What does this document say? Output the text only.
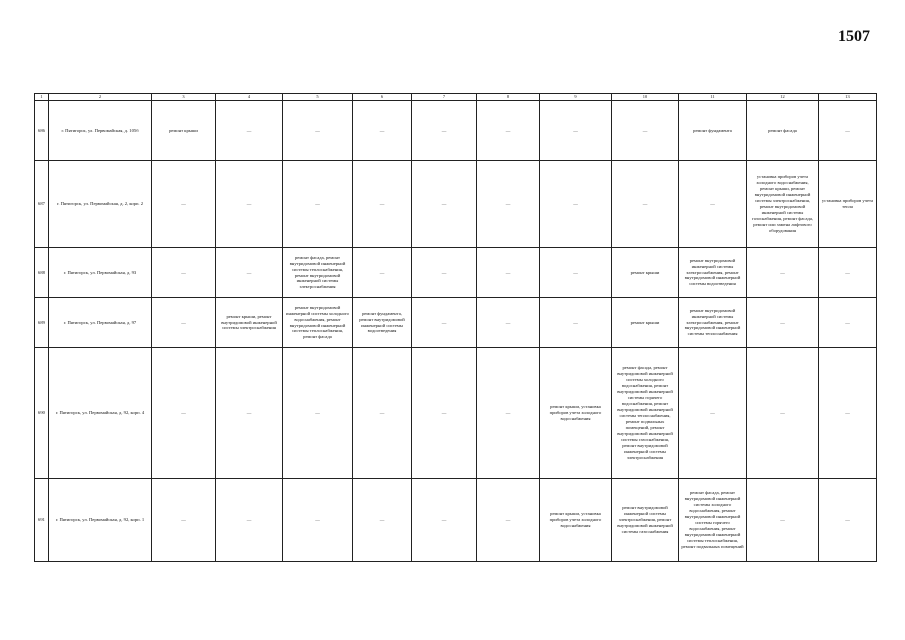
1507
1	2	3	4	5	6	7	8	9	10	11	12	13	
686	г. Пятигорск, ул. Первомайская, д. 105б	ремонт крыши	—	—	—	—	—	—	—	ремонт фундамента	ремонт фасада	—	
687	г. Пятигорск, ул. Первомайская, д. 2, корп. 2	—	—	—	—	—	—	—	—	—	установка приборов учета холодного водоснабжения, ремонт крыши, ремонт внутридомовой инженерной системы электроснабжения, ремонт внутридомовой инженерной системы газоснабжения, ремонт фасада, ремонт или замена лифтового оборудования	установка приборов учета тепла	
688	г. Пятигорск, ул. Первомайская, д. 93	—	—	ремонт фасада, ремонт внутридомовой инженерной системы теплоснабжения, ремонт внутридомовой инженерной системы электроснабжения	—	—	—	—	ремонт крыши	ремонт внутридомовой инженерной системы электроснабжения, ремонт внутридомовой инженерной системы водоотведения	—	—	
689	г. Пятигорск, ул. Первомайская, д. 97	—	ремонт крыши, ремонт внутридомовой инженерной системы электроснабжения	ремонт внутридомовой инженерной системы холодного водоснабжения, ремонт внутридомовой инженерной системы теплоснабжения, ремонт фасада	ремонт фундамента, ремонт внутридомовой инженерной системы водоотведения	—	—	—	ремонт крыши	ремонт внутридомовой инженерной системы электроснабжения, ремонт внутридомовой инженерной системы теплоснабжения	—	—	
690	г. Пятигорск, ул. Первомайская, д. 92, корп. 4	—	—	—	—	—	—	ремонт крыши, установка приборов учета холодного водоснабжения	ремонт фасада, ремонт внутридомовой инженерной системы холодного водоснабжения, ремонт внутридомовой инженерной системы горячего водоснабжения, ремонт внутридомовой инженерной системы теплоснабжения, ремонт подвальных помещений, ремонт внутридомовой инженерной системы газоснабжения, ремонт внутридомовой инженерной системы электроснабжения	—	—	—	
691	г. Пятигорск, ул. Первомайская, д. 92, корп. 1	—	—	—	—	—	—	ремонт крыши, установка приборов учета холодного водоснабжения	ремонт внутридомовой инженерной системы электроснабжения, ремонт внутридомовой инженерной системы газоснабжения	ремонт фасада, ремонт внутридомовой инженерной системы холодного водоснабжения, ремонт внутридомовой инженерной системы горячего водоснабжения, ремонт внутридомовой инженерной системы теплоснабжения, ремонт подвальных помещений	—	—	
